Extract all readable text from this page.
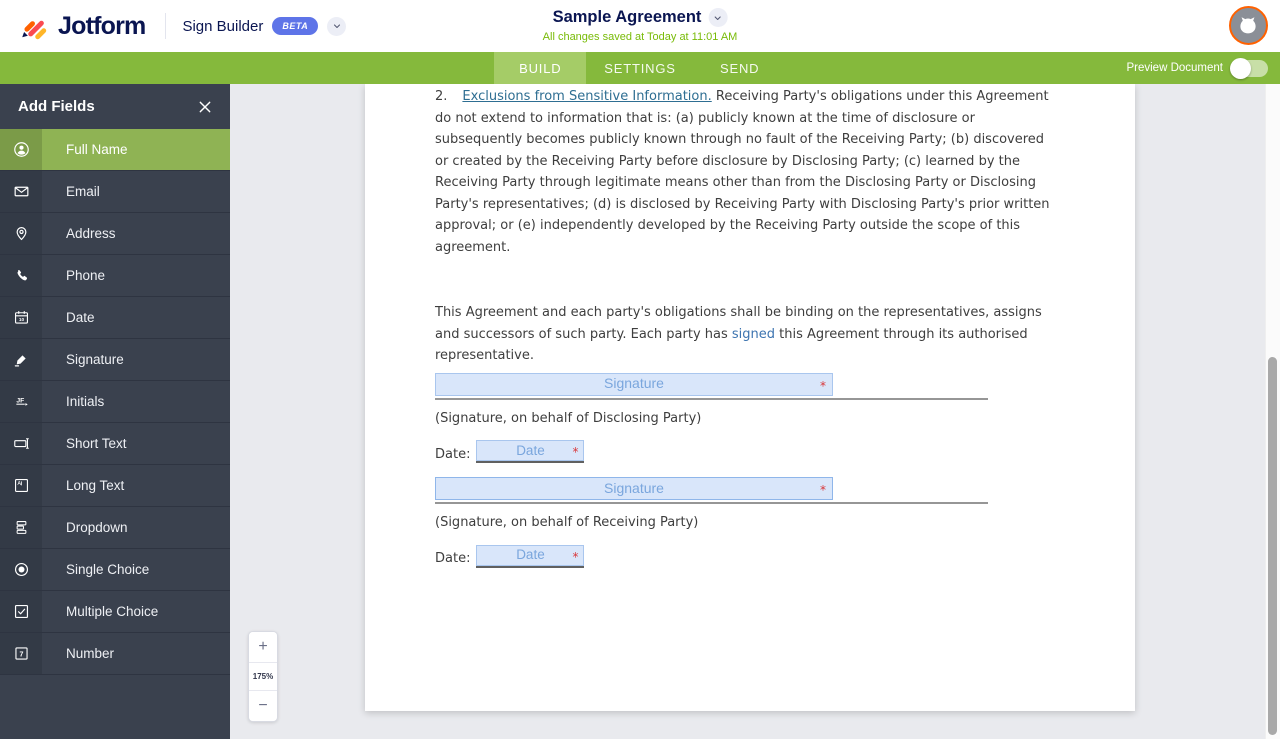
Jotform Sign Builder	BETA	Sample Agreement
All changes saved at Today at 11:01 AM
BUILD	SETTINGS	SEND	Preview Document
Add Fields
Full Name
Email
Address
Phone
10	Date
Signature
JF	Initials
Short Text
A	Long Text
Dropdown
Single Choice
Multiple Choice
7	Number

2. Exclusions from Sensitive Information. Receiving Party's obligations under this Agreement do not extend to information that is: (a) publicly known at the time of disclosure or subsequently becomes publicly known through no fault of the Receiving Party; (b) discovered or created by the Receiving Party before disclosure by Disclosing Party; (c) learned by the Receiving Party through legitimate means other than from the Disclosing Party or Disclosing Party's representatives; (d) is disclosed by Receiving Party with Disclosing Party's prior written approval; or (e) independently developed by the Receiving Party outside the scope of this agreement.

This Agreement and each party's obligations shall be binding on the representatives, assigns and successors of such party. Each party has signed this Agreement through its authorised representative.

Signature	*
(Signature, on behalf of Disclosing Party)
Date:	Date *
Signature	*
(Signature, on behalf of Receiving Party)
Date:	Date *
+
175%
−
